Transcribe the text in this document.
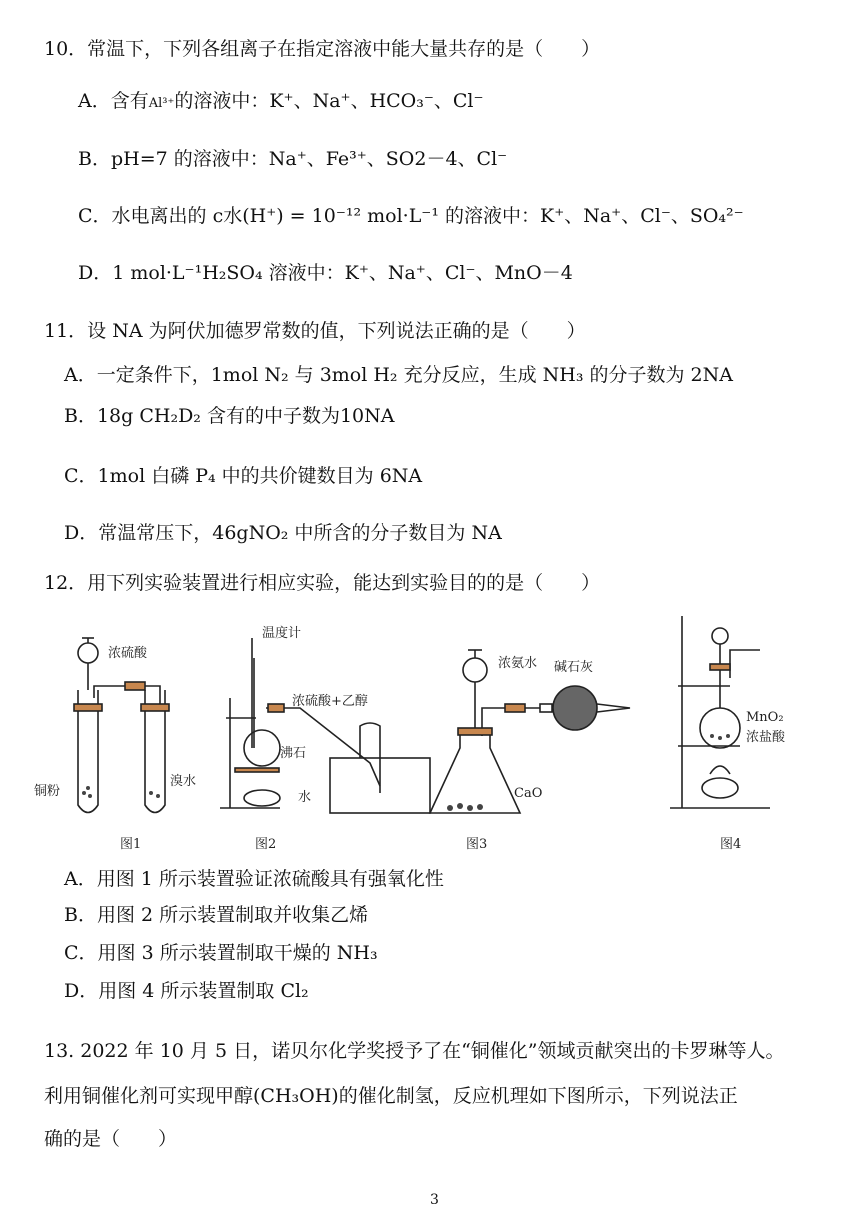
10．常温下，下列各组离子在指定溶液中能大量共存的是（　　）
A．含有Al³⁺的溶液中：K⁺、Na⁺、HCO₃⁻、Cl⁻
B．pH=7 的溶液中：Na⁺、Fe³⁺、SO2－4、Cl⁻
C．水电离出的 c水(H⁺) = 10⁻¹² mol·L⁻¹ 的溶液中：K⁺、Na⁺、Cl⁻、SO₄²⁻
D．1 mol·L⁻¹H₂SO₄ 溶液中：K⁺、Na⁺、Cl⁻、MnO－4
11．设 NA 为阿伏加德罗常数的值，下列说法正确的是（　　）
A．一定条件下，1mol N₂ 与 3mol H₂ 充分反应，生成 NH₃ 的分子数为 2NA
B．18g CH₂D₂ 含有的中子数为10NA
C．1mol 白磷 P₄ 中的共价键数目为 6NA
D．常温常压下，46gNO₂ 中所含的分子数目为 NA
12．用下列实验装置进行相应实验，能达到实验目的的是（　　）
浓硫酸
铜粉
溴水
图1
温度计
浓硫酸+乙醇
沸石
水
图2
浓氨水 碱石灰
CaO
图3
MnO₂
浓盐酸
图4
A．用图 1 所示装置验证浓硫酸具有强氧化性
B．用图 2 所示装置制取并收集乙烯
C．用图 3 所示装置制取干燥的 NH₃
D．用图 4 所示装置制取 Cl₂
13. 2022 年 10 月 5 日，诺贝尔化学奖授予了在“铜催化”领域贡献突出的卡罗琳等人。
利用铜催化剂可实现甲醇(CH₃OH)的催化制氢，反应机理如下图所示，下列说法正
确的是（　　）
3
